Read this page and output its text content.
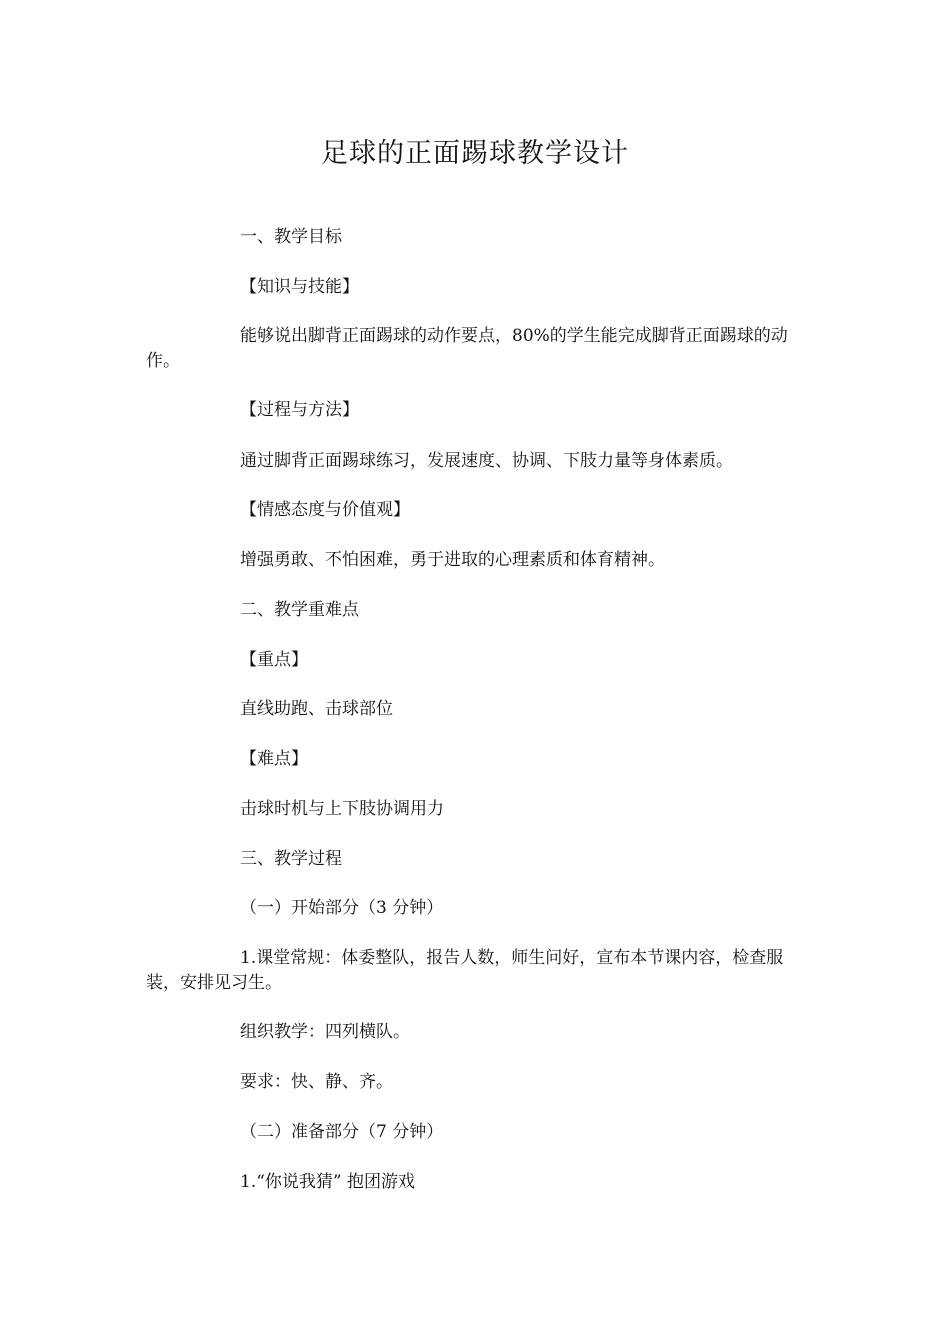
足球的正面踢球教学设计

一、教学目标

【知识与技能】

能够说出脚背正面踢球的动作要点，80%的学生能完成脚背正面踢球的动作。

【过程与方法】

通过脚背正面踢球练习，发展速度、协调、下肢力量等身体素质。

【情感态度与价值观】

增强勇敢、不怕困难，勇于进取的心理素质和体育精神。

二、教学重难点

【重点】

直线助跑、击球部位

【难点】

击球时机与上下肢协调用力

三、教学过程

（一）开始部分（3 分钟）

1.课堂常规：体委整队，报告人数，师生问好，宣布本节课内容，检查服装，安排见习生。

组织教学：四列横队。

要求：快、静、齐。

（二）准备部分（7 分钟）

1.“你说我猜” 抱团游戏
